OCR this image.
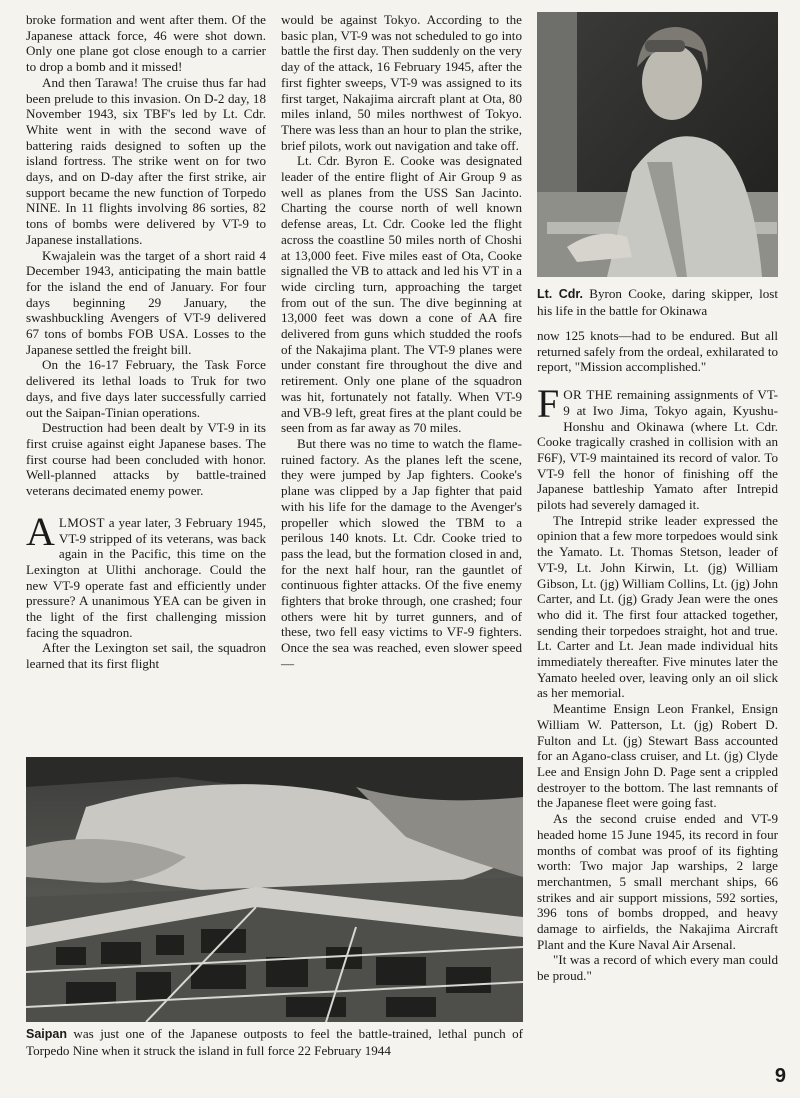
broke formation and went after them. Of the Japanese attack force, 46 were shot down. Only one plane got close enough to a carrier to drop a bomb and it missed!

And then Tarawa! The cruise thus far had been prelude to this invasion. On D-2 day, 18 November 1943, six TBF's led by Lt. Cdr. White went in with the second wave of battering raids designed to soften up the island fortress. The strike went on for two days, and on D-day after the first strike, air support became the new function of Torpedo NINE. In 11 flights involving 86 sorties, 82 tons of bombs were delivered by VT-9 to Japanese installations.

Kwajalein was the target of a short raid 4 December 1943, anticipating the main battle for the island the end of January. For four days beginning 29 January, the swashbuckling Avengers of VT-9 delivered 67 tons of bombs FOB USA. Losses to the Japanese settled the freight bill.

On the 16-17 February, the Task Force delivered its lethal loads to Truk for two days, and five days later successfully carried out the Saipan-Tinian operations.

Destruction had been dealt by VT-9 in its first cruise against eight Japanese bases. The first course had been concluded with honor. Well-planned attacks by battle-trained veterans decimated enemy power.

ALMOST a year later, 3 February 1945, VT-9 stripped of its veterans, was back again in the Pacific, this time on the Lexington at Ulithi anchorage. Could the new VT-9 operate fast and efficiently under pressure? A unanimous YEA can be given in the light of the first challenging mission facing the squadron.

After the Lexington set sail, the squadron learned that its first flight

would be against Tokyo. According to the basic plan, VT-9 was not scheduled to go into battle the first day. Then suddenly on the very day of the attack, 16 February 1945, after the first fighter sweeps, VT-9 was assigned to its first target, Nakajima aircraft plant at Ota, 80 miles inland, 50 miles northwest of Tokyo. There was less than an hour to plan the strike, brief pilots, work out navigation and take off.

Lt. Cdr. Byron E. Cooke was designated leader of the entire flight of Air Group 9 as well as planes from the USS San Jacinto. Charting the course north of well known defense areas, Lt. Cdr. Cooke led the flight across the coastline 50 miles north of Choshi at 13,000 feet. Five miles east of Ota, Cooke signalled the VB to attack and led his VT in a wide circling turn, approaching the target from out of the sun. The dive beginning at 13,000 feet was down a cone of AA fire delivered from guns which studded the roofs of the Nakajima plant. The VT-9 planes were under constant fire throughout the dive and retirement. Only one plane of the squadron was hit, fortunately not fatally. When VT-9 and VB-9 left, great fires at the plant could be seen from as far away as 70 miles.

But there was no time to watch the flame-ruined factory. As the planes left the scene, they were jumped by Jap fighters. Cooke's plane was clipped by a Jap fighter that paid with his life for the damage to the Avenger's propeller which slowed the TBM to a perilous 140 knots. Lt. Cdr. Cooke tried to pass the lead, but the formation closed in and, for the next half hour, ran the gauntlet of continuous fighter attacks. Of the five enemy fighters that broke through, one crashed; four others were hit by turret gunners, and of these, two fell easy victims to VF-9 fighters. Once the sea was reached, even slower speed—

Lt. Cdr. Byron Cooke, daring skipper, lost his life in the battle for Okinawa

now 125 knots—had to be endured. But all returned safely from the ordeal, exhilarated to report, "Mission accomplished."

FOR THE remaining assignments of VT-9 at Iwo Jima, Tokyo again, Kyushu-Honshu and Okinawa (where Lt. Cdr. Cooke tragically crashed in collision with an F6F), VT-9 maintained its record of valor. To VT-9 fell the honor of finishing off the Japanese battleship Yamato after Intrepid pilots had severely damaged it.

The Intrepid strike leader expressed the opinion that a few more torpedoes would sink the Yamato. Lt. Thomas Stetson, leader of VT-9, Lt. John Kirwin, Lt. (jg) William Gibson, Lt. (jg) William Collins, Lt. (jg) John Carter, and Lt. (jg) Grady Jean were the ones who did it. The first four attacked together, sending their torpedoes straight, hot and true. Lt. Carter and Lt. Jean made individual hits immediately thereafter. Five minutes later the Yamato heeled over, leaving only an oil slick as her memorial.

Meantime Ensign Leon Frankel, Ensign William W. Patterson, Lt. (jg) Robert D. Fulton and Lt. (jg) Stewart Bass accounted for an Agano-class cruiser, and Lt. (jg) Clyde Lee and Ensign John D. Page sent a crippled destroyer to the bottom. The last remnants of the Japanese fleet were going fast.

As the second cruise ended and VT-9 headed home 15 June 1945, its record in four months of combat was proof of its fighting worth: Two major Jap warships, 2 large merchantmen, 5 small merchant ships, 66 strikes and air support missions, 592 sorties, 396 tons of bombs dropped, and heavy damage to airfields, the Nakajima Aircraft Plant and the Kure Naval Air Arsenal.

"It was a record of which every man could be proud."

Saipan was just one of the Japanese outposts to feel the battle-trained, lethal punch of Torpedo Nine when it struck the island in full force 22 February 1944
9
